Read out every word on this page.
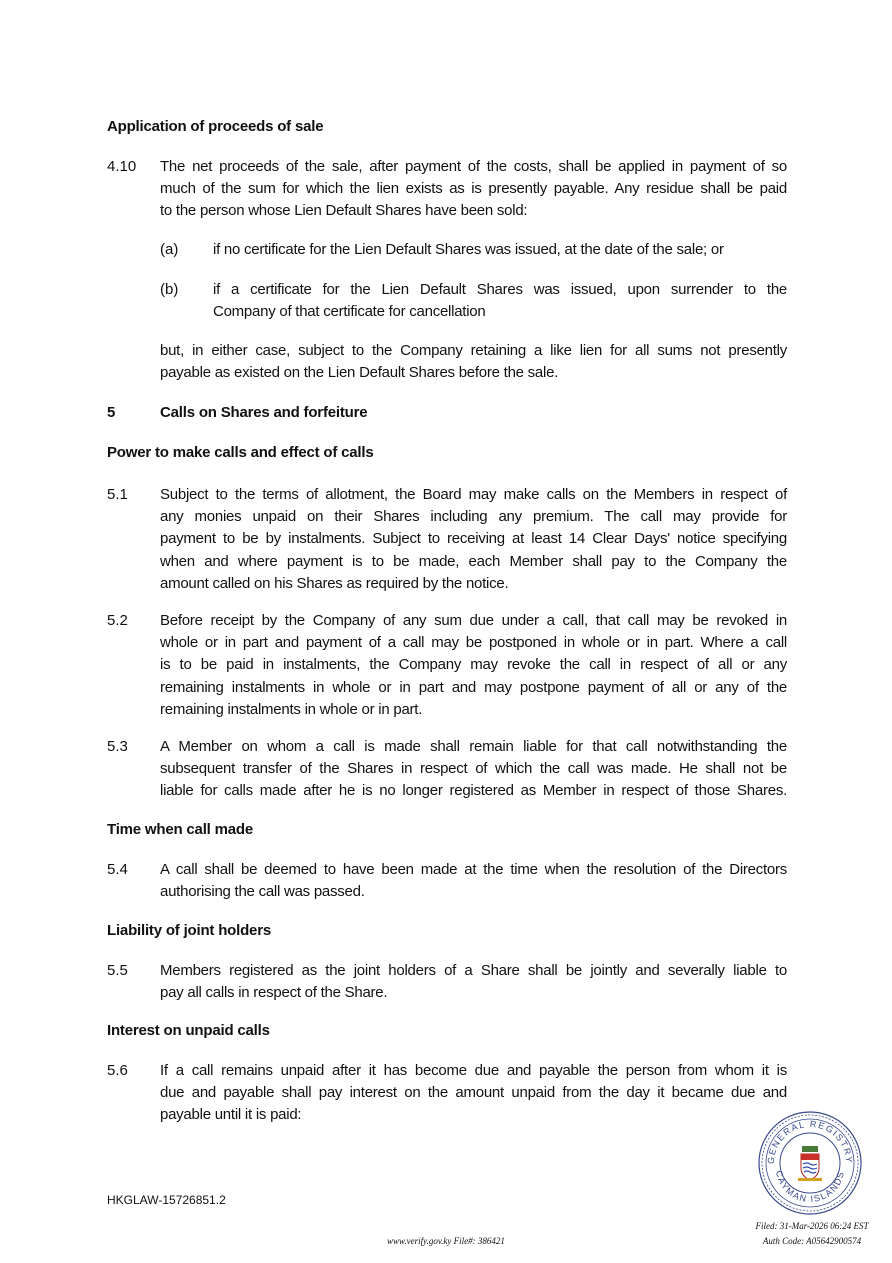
Application of proceeds of sale
4.10 The net proceeds of the sale, after payment of the costs, shall be applied in payment of so
much of the sum for which the lien exists as is presently payable. Any residue shall be paid
to the person whose Lien Default Shares have been sold:
(a) if no certificate for the Lien Default Shares was issued, at the date of the sale; or
(b) if a certificate for the Lien Default Shares was issued, upon surrender to the
Company of that certificate for cancellation
but, in either case, subject to the Company retaining a like lien for all sums not presently
payable as existed on the Lien Default Shares before the sale.
5	Calls on Shares and forfeiture
Power to make calls and effect of calls
5.1 Subject to the terms of allotment, the Board may make calls on the Members in respect of
any monies unpaid on their Shares including any premium. The call may provide for
payment to be by instalments. Subject to receiving at least 14 Clear Days' notice specifying
when and where payment is to be made, each Member shall pay to the Company the
amount called on his Shares as required by the notice.
5.2 Before receipt by the Company of any sum due under a call, that call may be revoked in
whole or in part and payment of a call may be postponed in whole or in part. Where a call
is to be paid in instalments, the Company may revoke the call in respect of all or any
remaining instalments in whole or in part and may postpone payment of all or any of the
remaining instalments in whole or in part.
5.3 A Member on whom a call is made shall remain liable for that call notwithstanding the
subsequent transfer of the Shares in respect of which the call was made. He shall not be
liable for calls made after he is no longer registered as Member in respect of those Shares.
Time when call made
5.4 A call shall be deemed to have been made at the time when the resolution of the Directors
authorising the call was passed.
Liability of joint holders
5.5 Members registered as the joint holders of a Share shall be jointly and severally liable to
pay all calls in respect of the Share.
Interest on unpaid calls
5.6 If a call remains unpaid after it has become due and payable the person from whom it is
due and payable shall pay interest on the amount unpaid from the day it became due and
payable until it is paid:
HKGLAW-15726851.2
www.verify.gov.ky File#: 386421
GENERAL REGISTRY
CAYMAN ISLANDS
Filed: 31-Mar-2026 06:24 EST
Auth Code: A05642900574
